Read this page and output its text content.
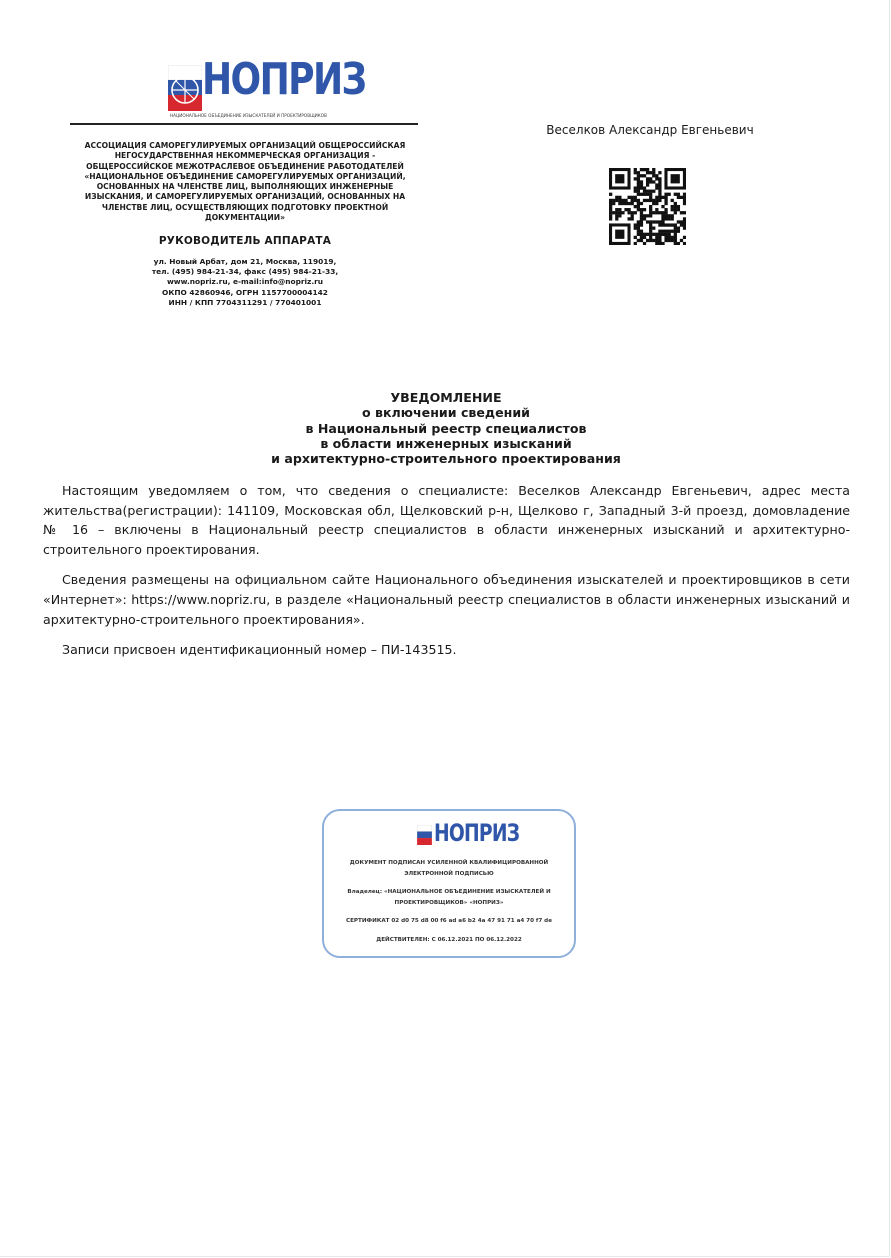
НОПРИЗ
НАЦИОНАЛЬНОЕ ОБЪЕДИНЕНИЕ ИЗЫСКАТЕЛЕЙ И ПРОЕКТИРОВЩИКОВ
АССОЦИАЦИЯ САМОРЕГУЛИРУЕМЫХ ОРГАНИЗАЦИЙ ОБЩЕРОССИЙСКАЯ
НЕГОСУДАРСТВЕННАЯ НЕКОММЕРЧЕСКАЯ ОРГАНИЗАЦИЯ -
ОБЩЕРОССИЙСКОЕ МЕЖОТРАСЛЕВОЕ ОБЪЕДИНЕНИЕ РАБОТОДАТЕЛЕЙ
«НАЦИОНАЛЬНОЕ ОБЪЕДИНЕНИЕ САМОРЕГУЛИРУЕМЫХ ОРГАНИЗАЦИЙ,
ОСНОВАННЫХ НА ЧЛЕНСТВЕ ЛИЦ, ВЫПОЛНЯЮЩИХ ИНЖЕНЕРНЫЕ
ИЗЫСКАНИЯ, И САМОРЕГУЛИРУЕМЫХ ОРГАНИЗАЦИЙ, ОСНОВАННЫХ НА
ЧЛЕНСТВЕ ЛИЦ, ОСУЩЕСТВЛЯЮЩИХ ПОДГОТОВКУ ПРОЕКТНОЙ
ДОКУМЕНТАЦИИ»
РУКОВОДИТЕЛЬ АППАРАТА
ул. Новый Арбат, дом 21, Москва, 119019,
тел. (495) 984-21-34, факс (495) 984-21-33,
www.nopriz.ru, e-mail:info@nopriz.ru
ОКПО 42860946, ОГРН 1157700004142
ИНН / КПП 7704311291 / 770401001
Веселков Александр Евгеньевич
УВЕДОМЛЕНИЕ
о включении сведений
в Национальный реестр специалистов
в области инженерных изысканий
и архитектурно-строительного проектирования

Настоящим уведомляем о том, что сведения о специалисте: Веселков Александр Евгеньевич, адрес места жительства(регистрации): 141109, Московская обл, Щелковский р-н, Щелково г, Западный 3-й проезд, домовладение № 16 – включены в Национальный реестр специалистов в области инженерных изысканий и архитектурно-строительного проектирования.

Сведения размещены на официальном сайте Национального объединения изыскателей и проектировщиков в сети «Интернет»: https://www.nopriz.ru, в разделе «Национальный реестр специалистов в области инженерных изысканий и архитектурно-строительного проектирования».

Записи присвоен идентификационный номер – ПИ-143515.

НОПРИЗ
ДОКУМЕНТ ПОДПИСАН УСИЛЕННОЙ КВАЛИФИЦИРОВАННОЙ
ЭЛЕКТРОННОЙ ПОДПИСЬЮ
Владелец: «НАЦИОНАЛЬНОЕ ОБЪЕДИНЕНИЕ ИЗЫСКАТЕЛЕЙ И
ПРОЕКТИРОВЩИКОВ» «НОПРИЗ»
СЕРТИФИКАТ 02 d0 75 d8 00 f6 ad a6 b2 4a 47 91 71 a4 70 f7 de
ДЕЙСТВИТЕЛЕН: С 06.12.2021 ПО 06.12.2022
